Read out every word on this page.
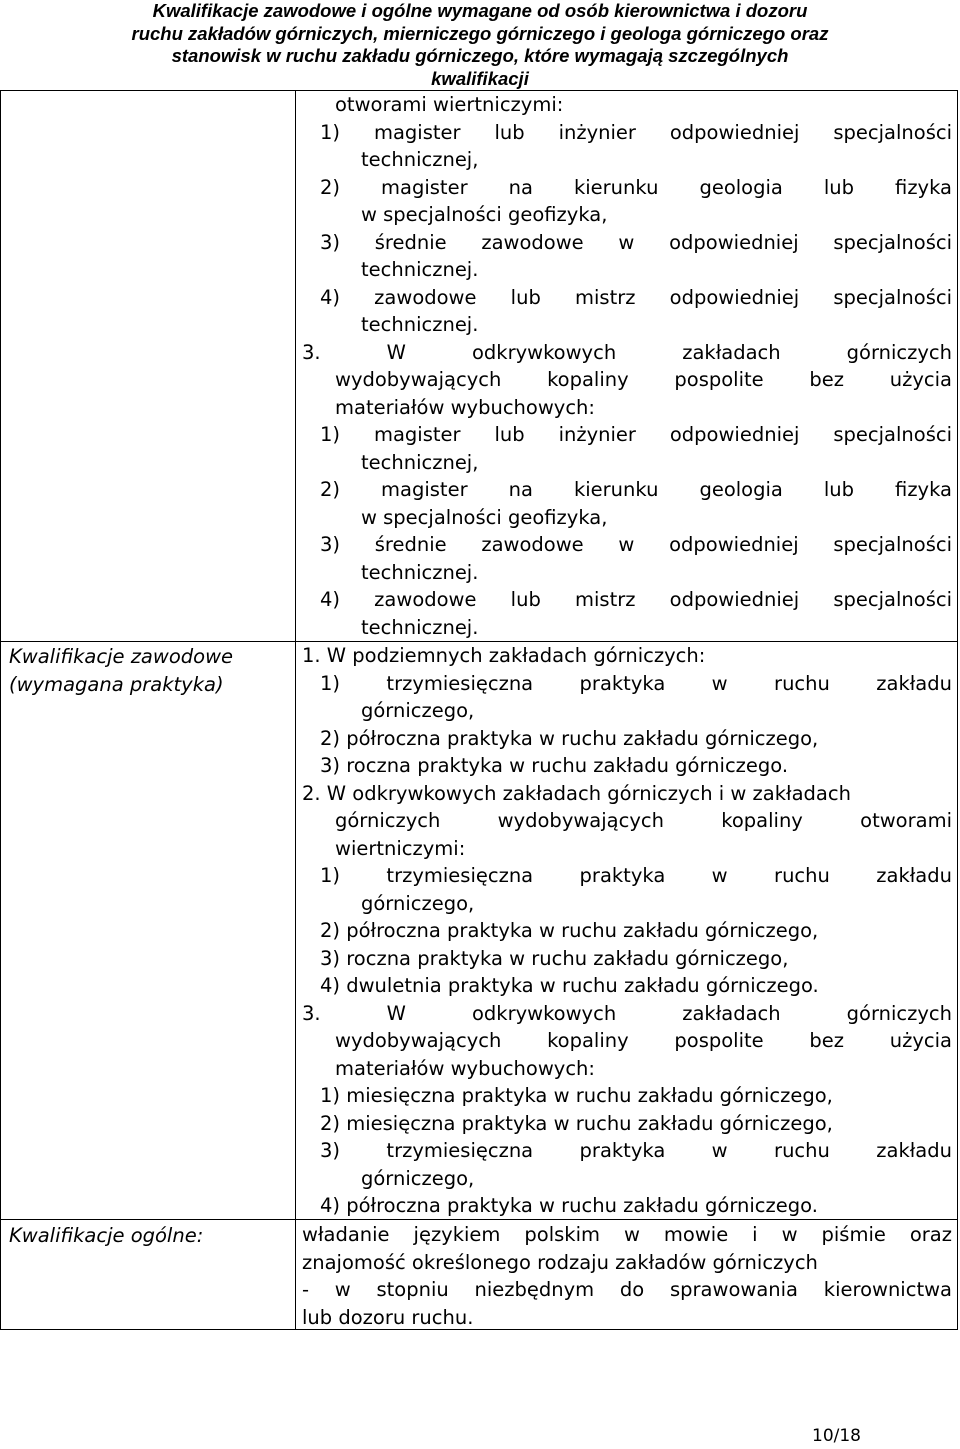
Kwalifikacje zawodowe i ogólne wymagane od osób kierownictwa i dozoru
ruchu zakładów górniczych, mierniczego górniczego i geologa górniczego oraz
stanowisk w ruchu zakładu górniczego, które wymagają szczególnych
kwalifikacji
Kwalifikacje zawodowe
(wymagana praktyka)
Kwalifikacje ogólne:
otworami wiertniczymi:
1) magister lub inżynier odpowiedniej specjalności
technicznej,
2) magister na kierunku geologia lub fizyka
w specjalności geofizyka,
3) średnie zawodowe w odpowiedniej specjalności
technicznej.
4) zawodowe lub mistrz odpowiedniej specjalności
technicznej.
3. W odkrywkowych zakładach górniczych
wydobywających kopaliny pospolite bez użycia
materiałów wybuchowych:
1) magister lub inżynier odpowiedniej specjalności
technicznej,
2) magister na kierunku geologia lub fizyka
w specjalności geofizyka,
3) średnie zawodowe w odpowiedniej specjalności
technicznej.
4) zawodowe lub mistrz odpowiedniej specjalności
technicznej.
1. W podziemnych zakładach górniczych:
1) trzymiesięczna praktyka w ruchu zakładu
górniczego,
2) półroczna praktyka w ruchu zakładu górniczego,
3) roczna praktyka w ruchu zakładu górniczego.
2. W odkrywkowych zakładach górniczych i w zakładach
górniczych wydobywających kopaliny otworami
wiertniczymi:
1) trzymiesięczna praktyka w ruchu zakładu
górniczego,
2) półroczna praktyka w ruchu zakładu górniczego,
3) roczna praktyka w ruchu zakładu górniczego,
4) dwuletnia praktyka w ruchu zakładu górniczego.
3. W odkrywkowych zakładach górniczych
wydobywających kopaliny pospolite bez użycia
materiałów wybuchowych:
1) miesięczna praktyka w ruchu zakładu górniczego,
2) miesięczna praktyka w ruchu zakładu górniczego,
3) trzymiesięczna praktyka w ruchu zakładu
górniczego,
4) półroczna praktyka w ruchu zakładu górniczego.
władanie językiem polskim w mowie i w piśmie oraz
znajomość określonego rodzaju zakładów górniczych
- w stopniu niezbędnym do sprawowania kierownictwa
lub dozoru ruchu.
10/18
